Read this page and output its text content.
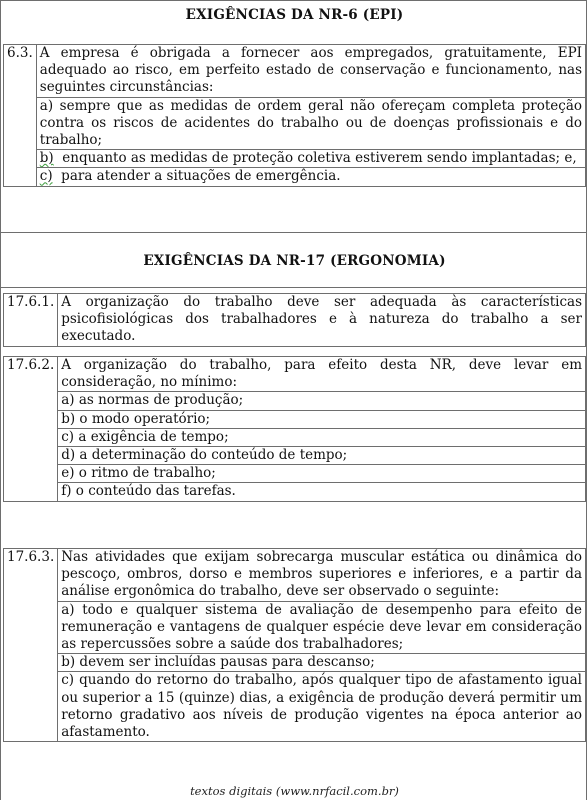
EXIGÊNCIAS DA NR-6 (EPI)
6.3.	A empresa é obrigada a fornecer aos empregados, gratuitamente, EPI adequado ao risco, em perfeito estado de conservação e funcionamento, nas seguintes circunstâncias:
a) sempre que as medidas de ordem geral não ofereçam completa proteção contra os riscos de acidentes do trabalho ou de doenças profissionais e do trabalho;
b)  enquanto as medidas de proteção coletiva estiverem sendo implantadas; e,
c)  para atender a situações de emergência.
EXIGÊNCIAS DA NR-17 (ERGONOMIA)
17.6.1.	A organização do trabalho deve ser adequada às características psicofisiológicas dos trabalhadores e à natureza do trabalho a ser executado.
17.6.2.	A organização do trabalho, para efeito desta NR, deve levar em consideração, no mínimo:
a) as normas de produção;
b) o modo operatório;
c) a exigência de tempo;
d) a determinação do conteúdo de tempo;
e) o ritmo de trabalho;
f) o conteúdo das tarefas.
17.6.3.	Nas atividades que exijam sobrecarga muscular estática ou dinâmica do pescoço, ombros, dorso e membros superiores e inferiores, e a partir da análise ergonômica do trabalho, deve ser observado o seguinte:
a) todo e qualquer sistema de avaliação de desempenho para efeito de remuneração e vantagens de qualquer espécie deve levar em consideração as repercussões sobre a saúde dos trabalhadores;
b) devem ser incluídas pausas para descanso;
c) quando do retorno do trabalho, após qualquer tipo de afastamento igual ou superior a 15 (quinze) dias, a exigência de produção deverá permitir um retorno gradativo aos níveis de produção vigentes na época anterior ao afastamento.
textos digitais (www.nrfacil.com.br)
